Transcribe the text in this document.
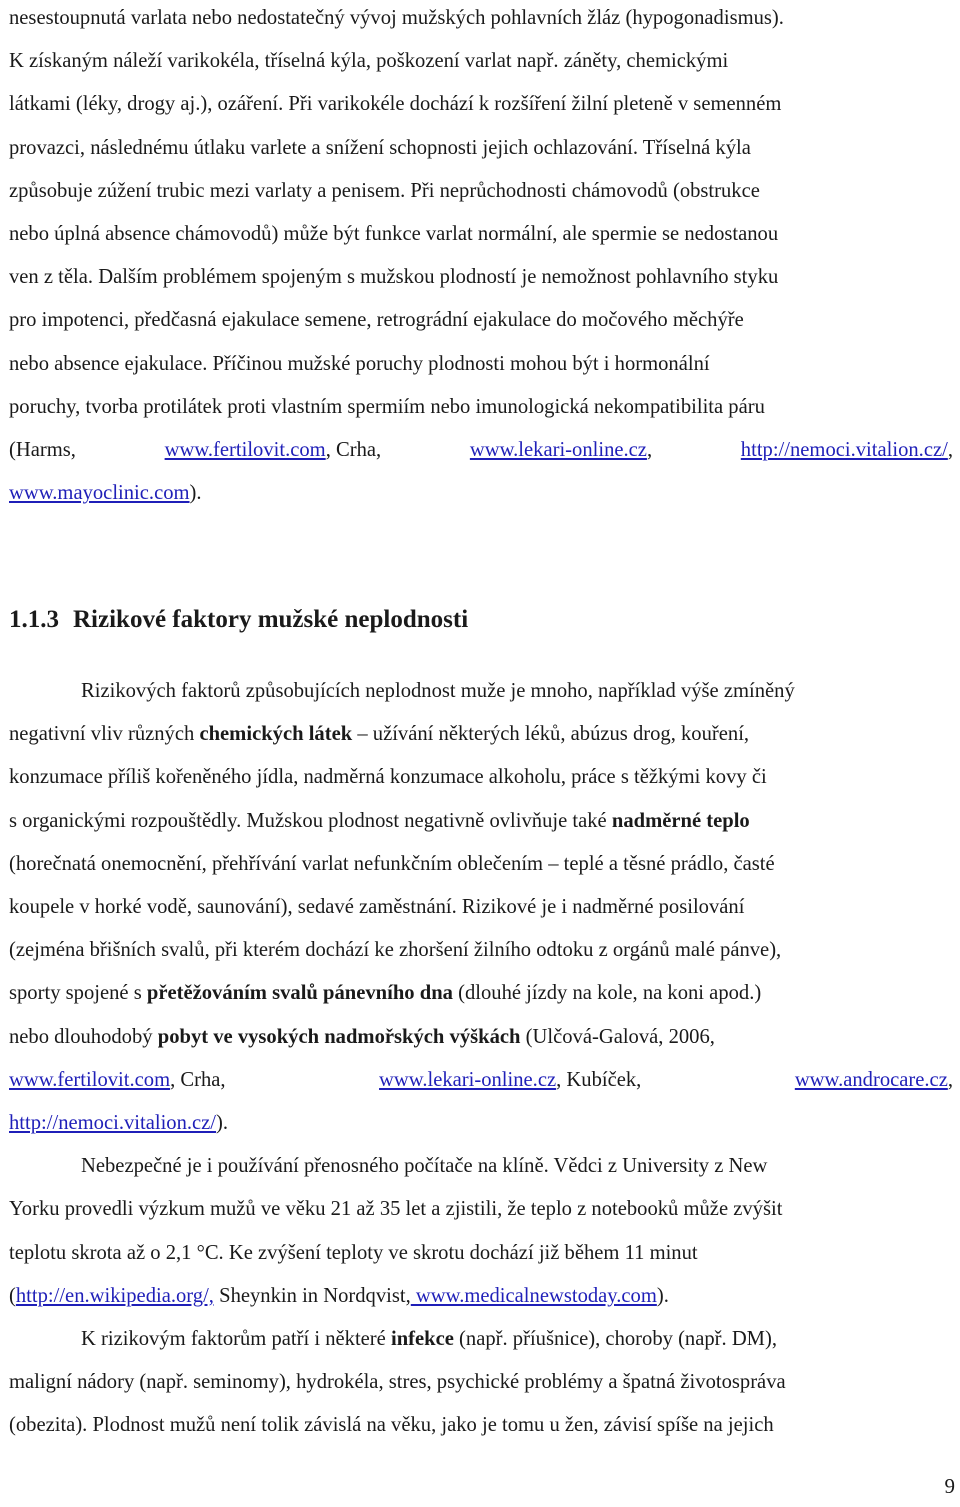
nesestoupnutá varlata nebo nedostatečný vývoj mužských pohlavních žláz (hypogonadismus).

K získaným náleží varikokéla, tříselná kýla, poškození varlat např. záněty, chemickými

látkami (léky, drogy aj.), ozáření. Při varikokéle dochází k rozšíření žilní pleteně v semenném

provazci, následnému útlaku varlete a snížení schopnosti jejich ochlazování. Tříselná kýla

způsobuje zúžení trubic mezi varlaty a penisem. Při neprůchodnosti chámovodů (obstrukce

nebo úplná absence chámovodů) může být funkce varlat normální, ale spermie se nedostanou

ven z těla. Dalším problémem spojeným s mužskou plodností je nemožnost pohlavního styku

pro impotenci, předčasná ejakulace semene, retrográdní ejakulace do močového měchýře

nebo absence ejakulace. Příčinou mužské poruchy plodnosti mohou být i hormonální

poruchy, tvorba protilátek proti vlastním spermiím nebo imunologická nekompatibilita páru

(Harms,	www.fertilovit.com, Crha,	www.lekari-online.cz,	http://nemoci.vitalion.cz/,

www.mayoclinic.com).

1.1.3 Rizikové faktory mužské neplodnosti

Rizikových faktorů způsobujících neplodnost muže je mnoho, například výše zmíněný

negativní vliv různých chemických látek – užívání některých léků, abúzus drog, kouření,

konzumace příliš kořeněného jídla, nadměrná konzumace alkoholu, práce s těžkými kovy či

s organickými rozpouštědly. Mužskou plodnost negativně ovlivňuje také nadměrné teplo

(horečnatá onemocnění, přehřívání varlat nefunkčním oblečením – teplé a těsné prádlo, časté

koupele v horké vodě, saunování), sedavé zaměstnání. Rizikové je i nadměrné posilování

(zejména břišních svalů, při kterém dochází ke zhoršení žilního odtoku z orgánů malé pánve),

sporty spojené s přetěžováním svalů pánevního dna (dlouhé jízdy na kole, na koni apod.)

nebo dlouhodobý pobyt ve vysokých nadmořských výškách (Ulčová-Galová, 2006,

www.fertilovit.com, Crha,	www.lekari-online.cz, Kubíček,	www.androcare.cz,

http://nemoci.vitalion.cz/).

Nebezpečné je i používání přenosného počítače na klíně. Vědci z University z New

Yorku provedli výzkum mužů ve věku 21 až 35 let a zjistili, že teplo z notebooků může zvýšit

teplotu skrota až o 2,1 °C. Ke zvýšení teploty ve skrotu dochází již během 11 minut

(http://en.wikipedia.org/, Sheynkin in Nordqvist, www.medicalnewstoday.com).

K rizikovým faktorům patří i některé infekce (např. příušnice), choroby (např. DM),

maligní nádory (např. seminomy), hydrokéla, stres, psychické problémy a špatná životospráva

(obezita). Plodnost mužů není tolik závislá na věku, jako je tomu u žen, závisí spíše na jejich

9
